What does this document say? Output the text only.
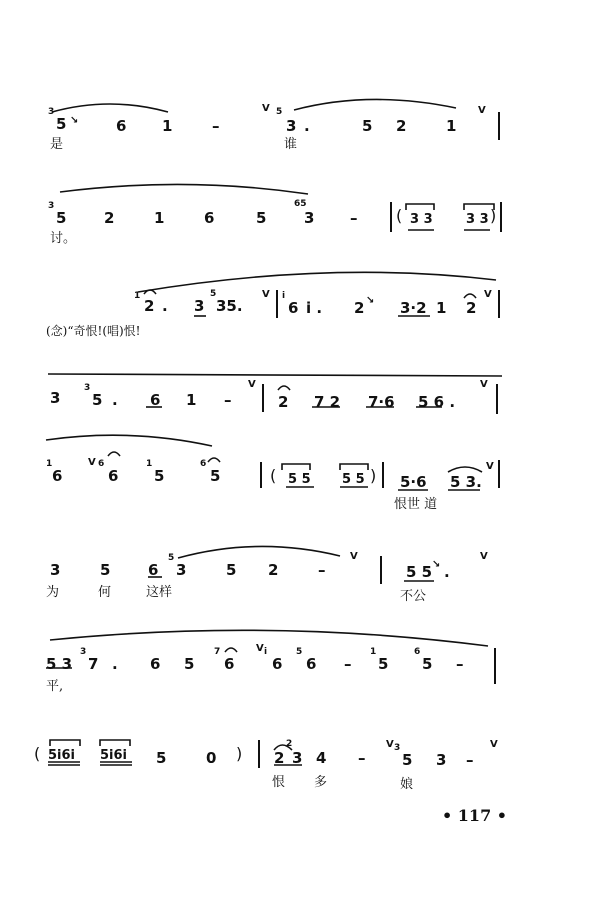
3
5 ↘	6 1	–
V 5
3 .	5 2	1
V
是	谁
3
5	2	1	6	5
65
3 – ( 3 3	3 3 )
讨。
1
2 . 3
5
35.
V i
6 i . 2 ↘ 3·2 1 2
V
(念)“奇恨!(唱)恨!
3
3
5 . 6 1 –
V
2 7 2 7·6 5 6 .
V
1
6
V 6
6
1
5
6
5	( 5 5 5 5 ) 5·6 5 3.
V
恨世 道
3	5	6
5
3	5 2	–
V
5 5 ↘ .
V
为	何	这样	不公
5 3
3
7 . 6 5
7
6
V i
6
5
6 –
1
5
6
5 –
平,
( 5i6i 5i6i 5	0 ) 2
2
3 4 –
V 3
5 3 –
V
恨 多	娘
• 117 •
